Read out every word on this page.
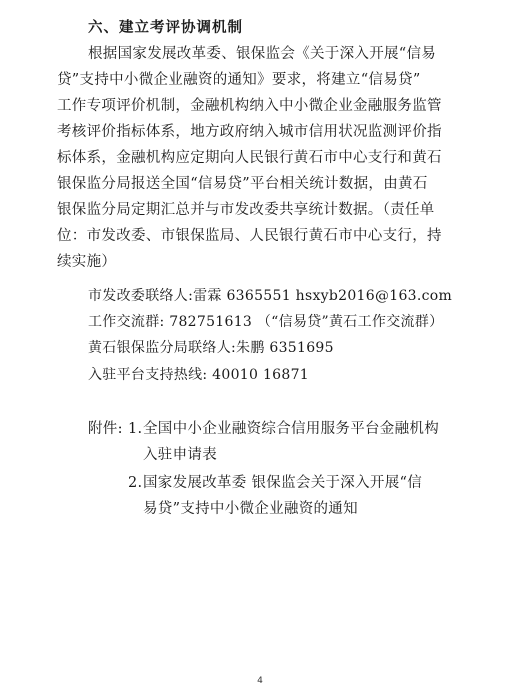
六、建立考评协调机制
根据国家发展改革委、银保监会《关于深入开展“信易
贷”支持中小微企业融资的通知》要求，将建立“信易贷”
工作专项评价机制，金融机构纳入中小微企业金融服务监管
考核评价指标体系，地方政府纳入城市信用状况监测评价指
标体系，金融机构应定期向人民银行黄石市中心支行和黄石
银保监分局报送全国“信易贷”平台相关统计数据，由黄石
银保监分局定期汇总并与市发改委共享统计数据。（责任单
位：市发改委、市银保监局、人民银行黄石市中心支行，持
续实施）
市发改委联络人:雷霖 6365551 hsxyb2016@163.com
工作交流群: 782751613 （“信易贷”黄石工作交流群）
黄石银保监分局联络人:朱鹏 6351695
入驻平台支持热线: 40010 16871
附件: 1. 全国中小企业融资综合信用服务平台金融机构
入驻申请表
2. 国家发展改革委 银保监会关于深入开展“信
易贷”支持中小微企业融资的通知
4
